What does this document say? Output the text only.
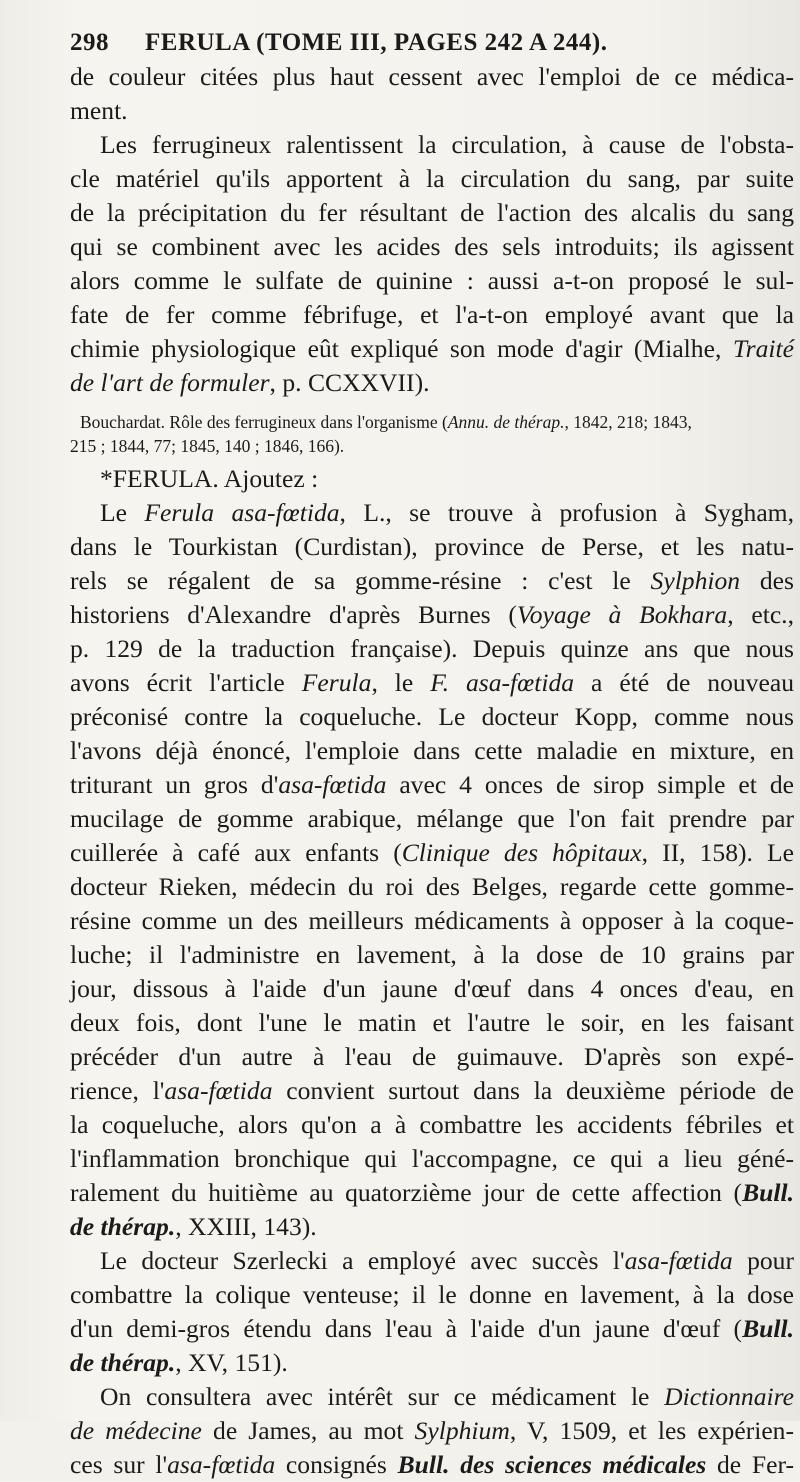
298 FERULA (TOME III, PAGES 242 A 244).
de couleur citées plus haut cessent avec l'emploi de ce médica-
ment.
Les ferrugineux ralentissent la circulation, à cause de l'obsta-
cle matériel qu'ils apportent à la circulation du sang, par suite
de la précipitation du fer résultant de l'action des alcalis du sang
qui se combinent avec les acides des sels introduits; ils agissent
alors comme le sulfate de quinine : aussi a-t-on proposé le sul-
fate de fer comme fébrifuge, et l'a-t-on employé avant que la
chimie physiologique eût expliqué son mode d'agir (Mialhe, Traité
de l'art de formuler, p. CCXXVII).
Bouchardat. Rôle des ferrugineux dans l'organisme (Annu. de thérap., 1842, 218; 1843,
215 ; 1844, 77; 1845, 140 ; 1846, 166).
*FERULA. Ajoutez :
Le Ferula asa-fœtida, L., se trouve à profusion à Sygham,
dans le Tourkistan (Curdistan), province de Perse, et les natu-
rels se régalent de sa gomme-résine : c'est le Sylphion des
historiens d'Alexandre d'après Burnes (Voyage à Bokhara, etc.,
p. 129 de la traduction française). Depuis quinze ans que nous
avons écrit l'article Ferula, le F. asa-fœtida a été de nouveau
préconisé contre la coqueluche. Le docteur Kopp, comme nous
l'avons déjà énoncé, l'emploie dans cette maladie en mixture, en
triturant un gros d'asa-fœtida avec 4 onces de sirop simple et de
mucilage de gomme arabique, mélange que l'on fait prendre par
cuillerée à café aux enfants (Clinique des hôpitaux, II, 158). Le
docteur Rieken, médecin du roi des Belges, regarde cette gomme-
résine comme un des meilleurs médicaments à opposer à la coque-
luche; il l'administre en lavement, à la dose de 10 grains par
jour, dissous à l'aide d'un jaune d'œuf dans 4 onces d'eau, en
deux fois, dont l'une le matin et l'autre le soir, en les faisant
précéder d'un autre à l'eau de guimauve. D'après son expé-
rience, l'asa-fœtida convient surtout dans la deuxième période de
la coqueluche, alors qu'on a à combattre les accidents fébriles et
l'inflammation bronchique qui l'accompagne, ce qui a lieu géné-
ralement du huitième au quatorzième jour de cette affection (Bull.
de thérap., XXIII, 143).
Le docteur Szerlecki a employé avec succès l'asa-fœtida pour
combattre la colique venteuse; il le donne en lavement, à la dose
d'un demi-gros étendu dans l'eau à l'aide d'un jaune d'œuf (Bull.
de thérap., XV, 151).
On consultera avec intérêt sur ce médicament le Dictionnaire
de médecine de James, au mot Sylphium, V, 1509, et les expérien-
ces sur l'asa-fœtida consignés Bull. des sciences médicales de Fer-
